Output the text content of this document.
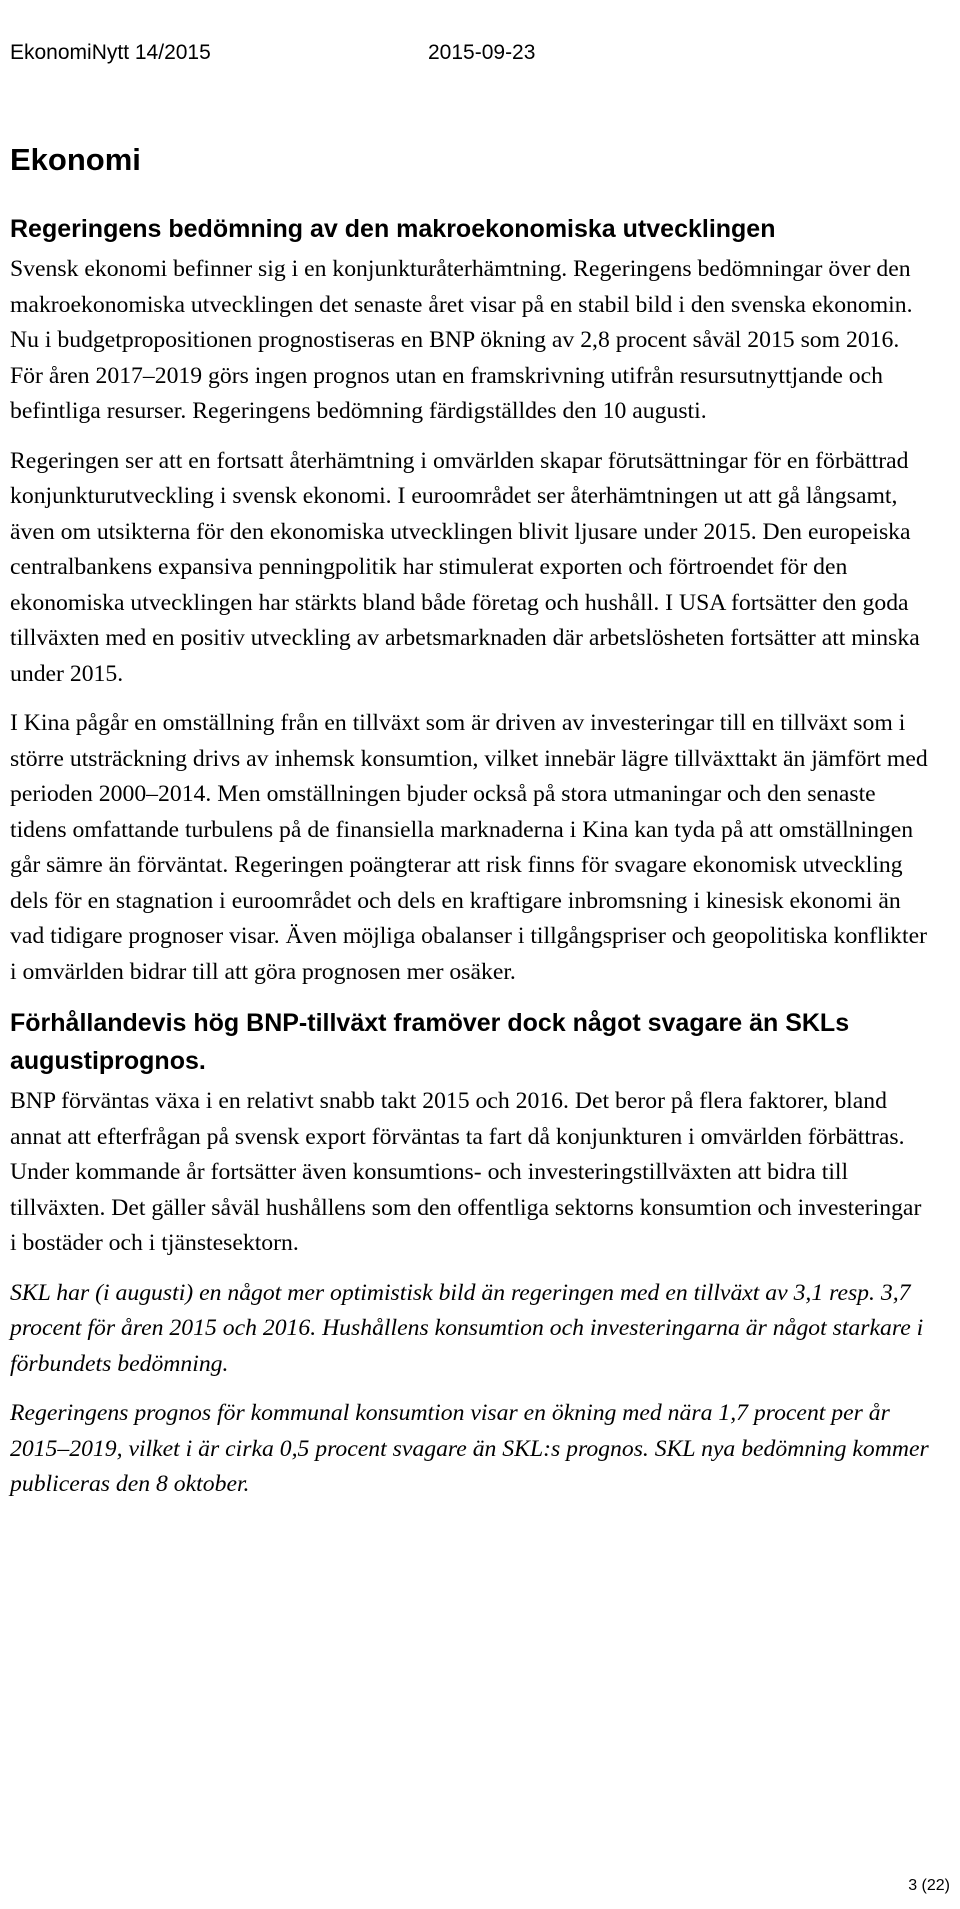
EkonomiNytt 14/2015	2015-09-23
Ekonomi
Regeringens bedömning av den makroekonomiska utvecklingen

Svensk ekonomi befinner sig i en konjunkturåterhämtning. Regeringens bedömningar över den makroekonomiska utvecklingen det senaste året visar på en stabil bild i den svenska ekonomin. Nu i budgetpropositionen prognostiseras en BNP ökning av 2,8 procent såväl 2015 som 2016. För åren 2017–2019 görs ingen prognos utan en framskrivning utifrån resursutnyttjande och befintliga resurser. Regeringens bedömning färdigställdes den 10 augusti.

Regeringen ser att en fortsatt återhämtning i omvärlden skapar förutsättningar för en förbättrad konjunkturutveckling i svensk ekonomi. I euroområdet ser återhämtningen ut att gå långsamt, även om utsikterna för den ekonomiska utvecklingen blivit ljusare under 2015. Den europeiska centralbankens expansiva penningpolitik har stimulerat exporten och förtroendet för den ekonomiska utvecklingen har stärkts bland både företag och hushåll. I USA fortsätter den goda tillväxten med en positiv utveckling av arbetsmarknaden där arbetslösheten fortsätter att minska under 2015.

I Kina pågår en omställning från en tillväxt som är driven av investeringar till en tillväxt som i större utsträckning drivs av inhemsk konsumtion, vilket innebär lägre tillväxttakt än jämfört med perioden 2000–2014. Men omställningen bjuder också på stora utmaningar och den senaste tidens omfattande turbulens på de finansiella marknaderna i Kina kan tyda på att omställningen går sämre än förväntat. Regeringen poängterar att risk finns för svagare ekonomisk utveckling dels för en stagnation i euroområdet och dels en kraftigare inbromsning i kinesisk ekonomi än vad tidigare prognoser visar. Även möjliga obalanser i tillgångspriser och geopolitiska konflikter i omvärlden bidrar till att göra prognosen mer osäker.

Förhållandevis hög BNP-tillväxt framöver dock något svagare än SKLs augustiprognos.

BNP förväntas växa i en relativt snabb takt 2015 och 2016. Det beror på flera faktorer, bland annat att efterfrågan på svensk export förväntas ta fart då konjunkturen i omvärlden förbättras. Under kommande år fortsätter även konsumtions- och investeringstillväxten att bidra till tillväxten. Det gäller såväl hushållens som den offentliga sektorns konsumtion och investeringar i bostäder och i tjänstesektorn.

SKL har (i augusti) en något mer optimistisk bild än regeringen med en tillväxt av 3,1 resp. 3,7 procent för åren 2015 och 2016. Hushållens konsumtion och investeringarna är något starkare i förbundets bedömning.

Regeringens prognos för kommunal konsumtion visar en ökning med nära 1,7 procent per år 2015–2019, vilket i är cirka 0,5 procent svagare än SKL:s prognos. SKL nya bedömning kommer publiceras den 8 oktober.

3 (22)
